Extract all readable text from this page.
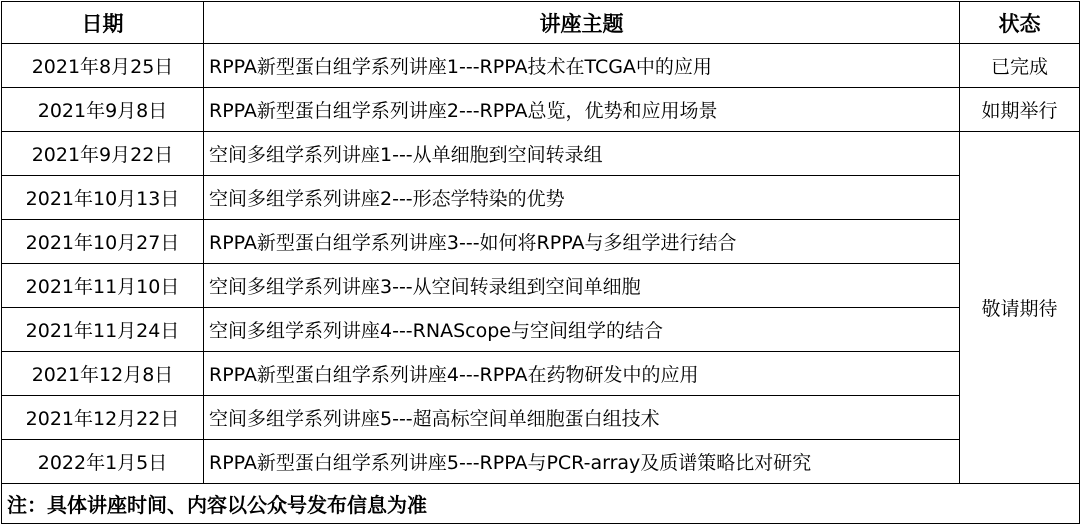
日期	讲座主题	状态
2021年8月25日	RPPA新型蛋白组学系列讲座1---RPPA技术在TCGA中的应用	已完成
2021年9月8日	RPPA新型蛋白组学系列讲座2---RPPA总览，优势和应用场景	如期举行
2021年9月22日	空间多组学系列讲座1---从单细胞到空间转录组	敬请期待
2021年10月13日	空间多组学系列讲座2---形态学特染的优势	
2021年10月27日	RPPA新型蛋白组学系列讲座3---如何将RPPA与多组学进行结合	
2021年11月10日	空间多组学系列讲座3---从空间转录组到空间单细胞	
2021年11月24日	空间多组学系列讲座4---RNAScope与空间组学的结合	
2021年12月8日	RPPA新型蛋白组学系列讲座4---RPPA在药物研发中的应用	
2021年12月22日	空间多组学系列讲座5---超高标空间单细胞蛋白组技术	
2022年1月5日	RPPA新型蛋白组学系列讲座5---RPPA与PCR-array及质谱策略比对研究	
注：具体讲座时间、内容以公众号发布信息为准		
